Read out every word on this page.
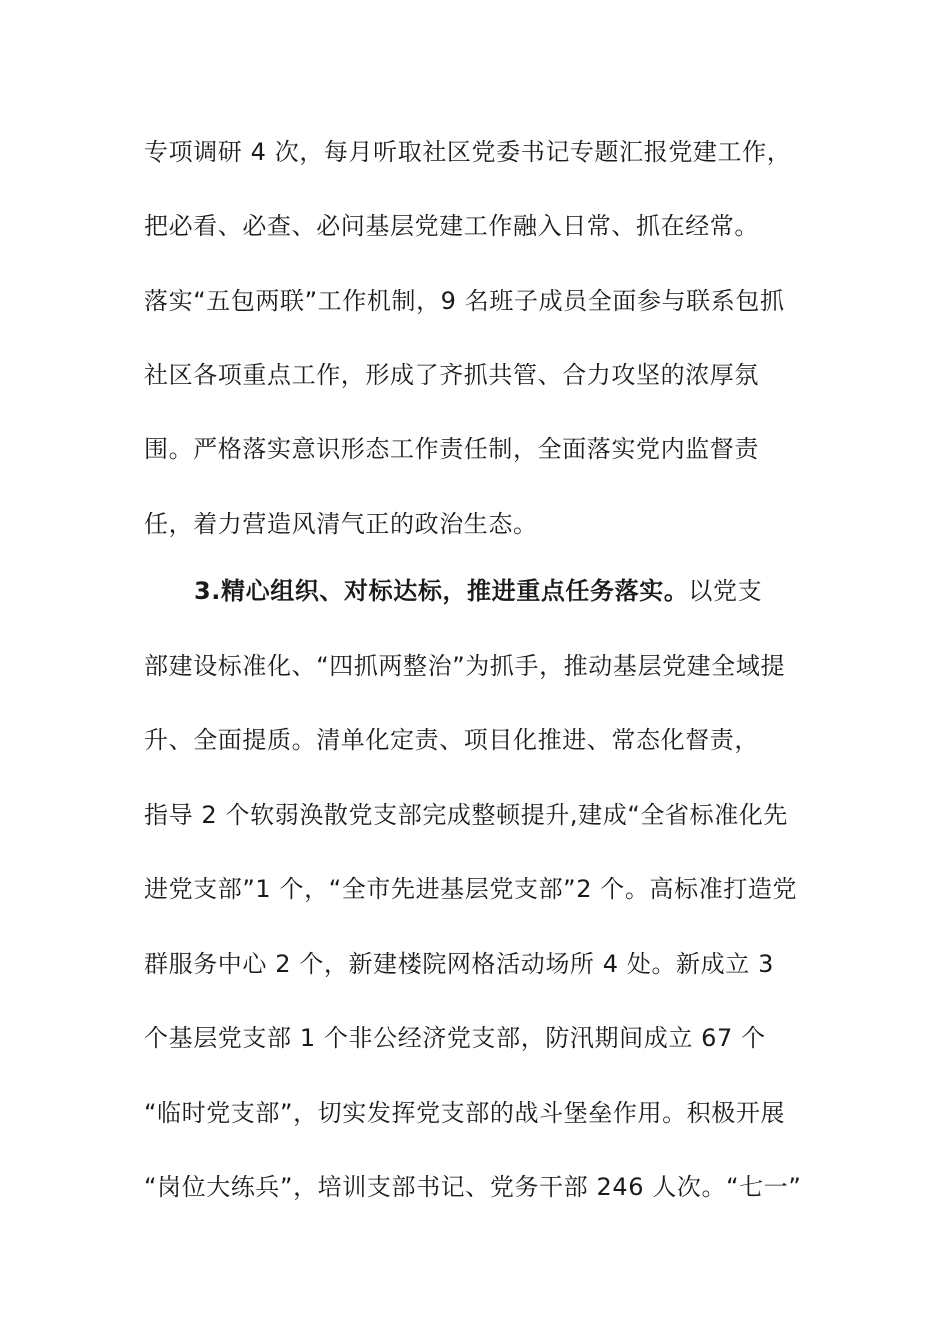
专项调研 4 次，每月听取社区党委书记专题汇报党建工作，
把必看、必查、必问基层党建工作融入日常、抓在经常。
落实“五包两联”工作机制，9 名班子成员全面参与联系包抓
社区各项重点工作，形成了齐抓共管、合力攻坚的浓厚氛
围。严格落实意识形态工作责任制，全面落实党内监督责
任，着力营造风清气正的政治生态。
3.精心组织、对标达标，推进重点任务落实。以党支
部建设标准化、“四抓两整治”为抓手，推动基层党建全域提
升、全面提质。清单化定责、项目化推进、常态化督责，
指导 2 个软弱涣散党支部完成整顿提升,建成“全省标准化先
进党支部”1 个，“全市先进基层党支部”2 个。高标准打造党
群服务中心 2 个，新建楼院网格活动场所 4 处。新成立 3
个基层党支部 1 个非公经济党支部，防汛期间成立 67 个
“临时党支部”，切实发挥党支部的战斗堡垒作用。积极开展
“岗位大练兵”，培训支部书记、党务干部 246 人次。“七一”
